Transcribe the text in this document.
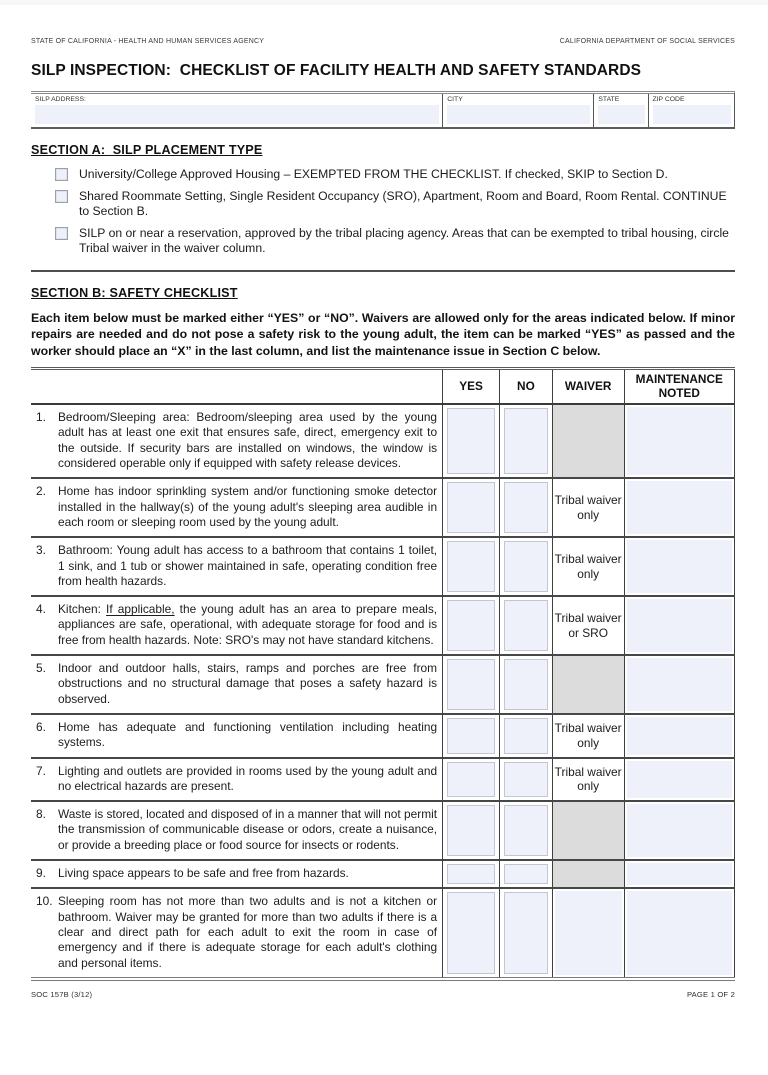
STATE OF CALIFORNIA - HEALTH AND HUMAN SERVICES AGENCY	CALIFORNIA DEPARTMENT OF SOCIAL SERVICES
SILP INSPECTION:  CHECKLIST OF FACILITY HEALTH AND SAFETY STANDARDS
SILP ADDRESS:	CITY	STATE	ZIP CODE
SECTION A:  SILP PLACEMENT TYPE
University/College Approved Housing – EXEMPTED FROM THE CHECKLIST. If checked, SKIP to Section D.
Shared Roommate Setting, Single Resident Occupancy (SRO), Apartment, Room and Board, Room Rental. CONTINUE to Section B.
SILP on or near a reservation, approved by the tribal placing agency. Areas that can be exempted to tribal housing, circle Tribal waiver in the waiver column.
SECTION B: SAFETY CHECKLIST

Each item below must be marked either “YES” or “NO”. Waivers are allowed only for the areas indicated below. If minor repairs are needed and do not pose a safety risk to the young adult, the item can be marked “YES” as passed and the worker should place an “X” in the last column, and list the maintenance issue in Section C below.

	YES	NO	WAIVER	MAINTENANCE NOTED

1. Bedroom/Sleeping area: Bedroom/sleeping area used by the young adult has at least one exit that ensures safe, direct, emergency exit to the outside. If security bars are installed on windows, the window is considered operable only if equipped with safety release devices.				

2. Home has indoor sprinkling system and/or functioning smoke detector installed in the hallway(s) of the young adult's sleeping area audible in each room or sleeping room used by the young adult.			Tribal waiver only	

3. Bathroom: Young adult has access to a bathroom that contains 1 toilet, 1 sink, and 1 tub or shower maintained in safe, operating condition free from health hazards.			Tribal waiver only	

4. Kitchen: If applicable, the young adult has an area to prepare meals, appliances are safe, operational, with adequate storage for food and is free from health hazards. Note: SRO's may not have standard kitchens.			Tribal waiver or SRO	

5. Indoor and outdoor halls, stairs, ramps and porches are free from obstructions and no structural damage that poses a safety hazard is observed.				

6. Home has adequate and functioning ventilation including heating systems.			Tribal waiver only	

7. Lighting and outlets are provided in rooms used by the young adult and no electrical hazards are present.			Tribal waiver only	

8. Waste is stored, located and disposed of in a manner that will not permit the transmission of communicable disease or odors, create a nuisance, or provide a breeding place or food source for insects or rodents.				

9. Living space appears to be safe and free from hazards.				

10. Sleeping room has not more than two adults and is not a kitchen or bathroom. Waiver may be granted for more than two adults if there is a clear and direct path for each adult to exit the room in case of emergency and if there is adequate storage for each adult's clothing and personal items.				

SOC 157B (3/12)	PAGE 1 OF 2
